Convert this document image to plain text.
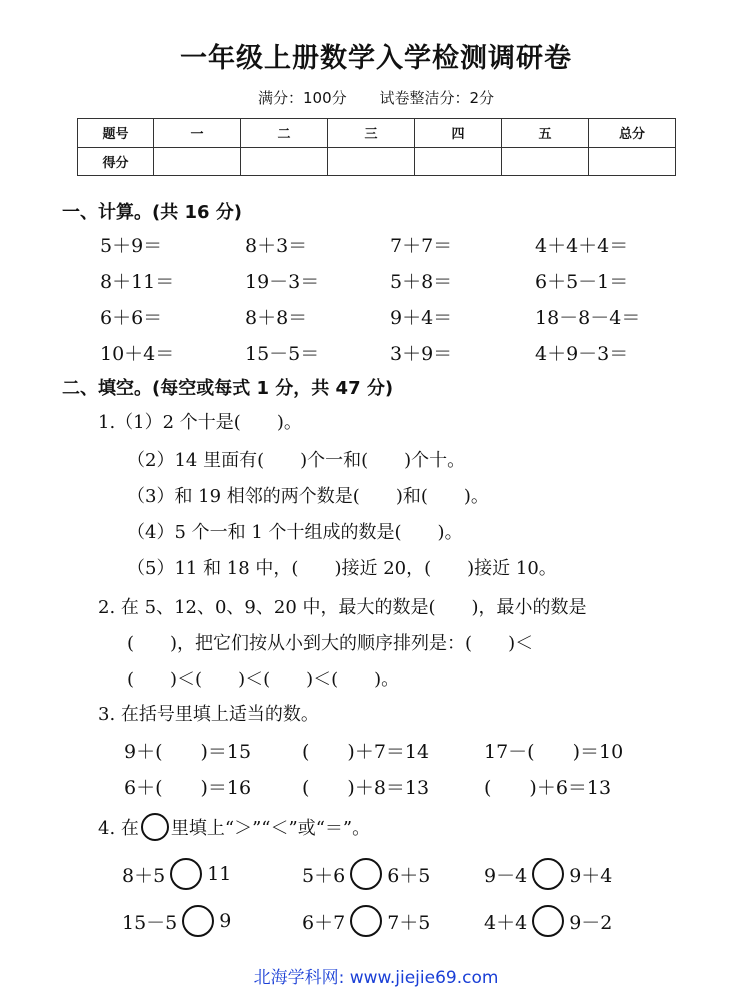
一年级上册数学入学检测调研卷
满分：100分 试卷整洁分：2分
题号	一	二	三	四	五	总分
得分						
一、计算。(共 16 分)
5＋9＝	8＋3＝	7＋7＝	4＋4＋4＝
8＋11＝	19－3＝	5＋8＝	6＋5－1＝
6＋6＝	8＋8＝	9＋4＝	18－8－4＝
10＋4＝	15－5＝	3＋9＝	4＋9－3＝
二、填空。(每空或每式 1 分，共 47 分)
1.（1）2 个十是(　　)。
（2）14 里面有(　　)个一和(　　)个十。
（3）和 19 相邻的两个数是(　　)和(　　)。
（4）5 个一和 1 个十组成的数是(　　)。
（5）11 和 18 中，(　　)接近 20，(　　)接近 10。
2. 在 5、12、0、9、20 中，最大的数是(　　)，最小的数是
(　　)，把它们按从小到大的顺序排列是：(　　)＜
(　　)＜(　　)＜(　　)＜(　　)。
3. 在括号里填上适当的数。
9＋(　　)＝15	(　　)＋7＝14	17－(　　)＝10
6＋(　　)＝16	(　　)＋8＝13	(　　)＋6＝13
4. 在 里填上“＞”“＜”或“＝”。
8＋5 11	5＋6 6＋5	9－4 9＋4
15－5 9	6＋7 7＋5	4＋4 9－2
北海学科网: www.jiejie69.com
